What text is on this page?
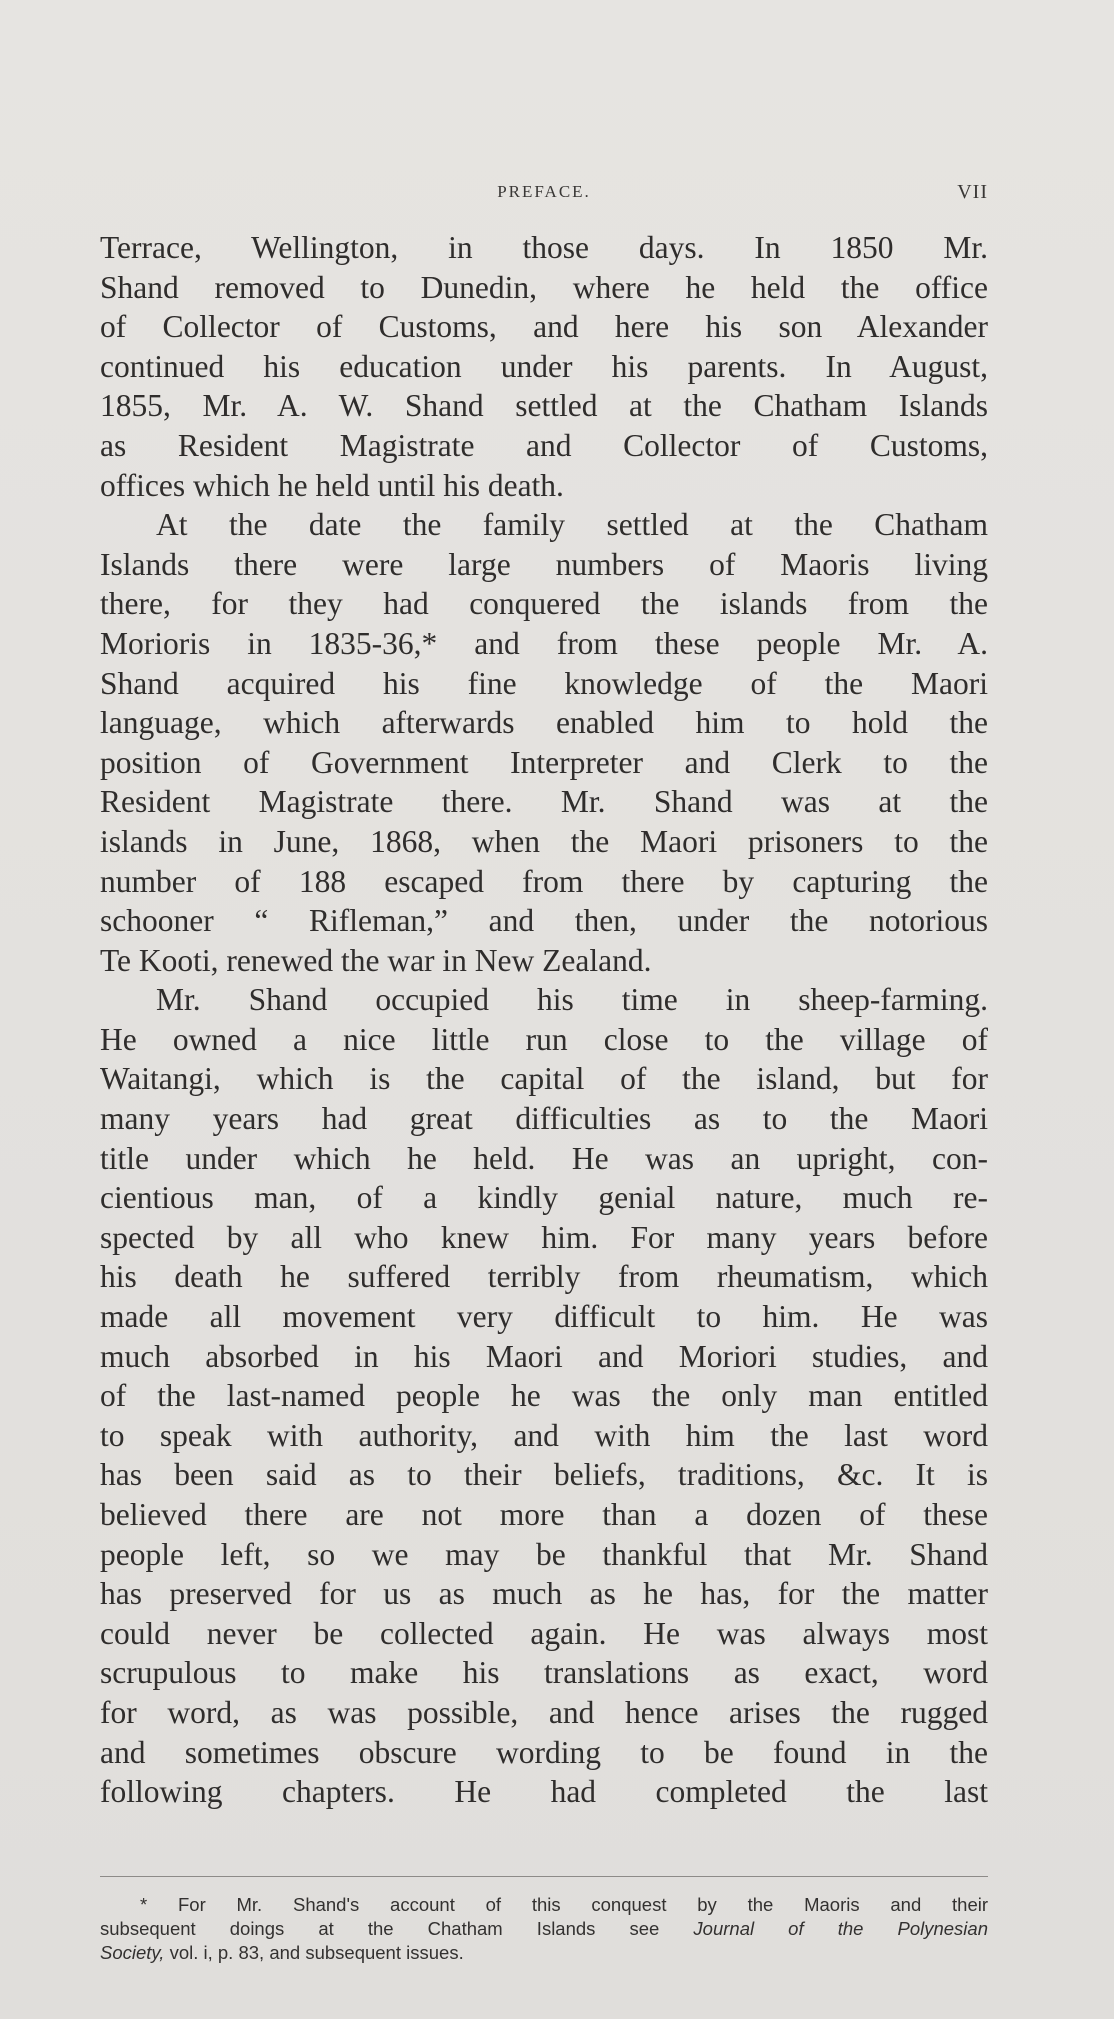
PREFACE.	VII
Terrace, Wellington, in those days. In 1850 Mr.
Shand removed to Dunedin, where he held the office
of Collector of Customs, and here his son Alexander
continued his education under his parents. In August,
1855, Mr. A. W. Shand settled at the Chatham Islands
as Resident Magistrate and Collector of Customs,
offices which he held until his death.
At the date the family settled at the Chatham
Islands there were large numbers of Maoris living
there, for they had conquered the islands from the
Morioris in 1835-36,* and from these people Mr. A.
Shand acquired his fine knowledge of the Maori
language, which afterwards enabled him to hold the
position of Government Interpreter and Clerk to the
Resident Magistrate there. Mr. Shand was at the
islands in June, 1868, when the Maori prisoners to the
number of 188 escaped from there by capturing the
schooner “ Rifleman,” and then, under the notorious
Te Kooti, renewed the war in New Zealand.
Mr. Shand occupied his time in sheep-farming.
He owned a nice little run close to the village of
Waitangi, which is the capital of the island, but for
many years had great difficulties as to the Maori
title under which he held. He was an upright, con-
cientious man, of a kindly genial nature, much re-
spected by all who knew him. For many years before
his death he suffered terribly from rheumatism, which
made all movement very difficult to him. He was
much absorbed in his Maori and Moriori studies, and
of the last-named people he was the only man entitled
to speak with authority, and with him the last word
has been said as to their beliefs, traditions, &c. It is
believed there are not more than a dozen of these
people left, so we may be thankful that Mr. Shand
has preserved for us as much as he has, for the matter
could never be collected again. He was always most
scrupulous to make his translations as exact, word
for word, as was possible, and hence arises the rugged
and sometimes obscure wording to be found in the
following chapters. He had completed the last
* For Mr. Shand's account of this conquest by the Maoris and their
subsequent doings at the Chatham Islands see Journal of the Polynesian
Society, vol. i, p. 83, and subsequent issues.
